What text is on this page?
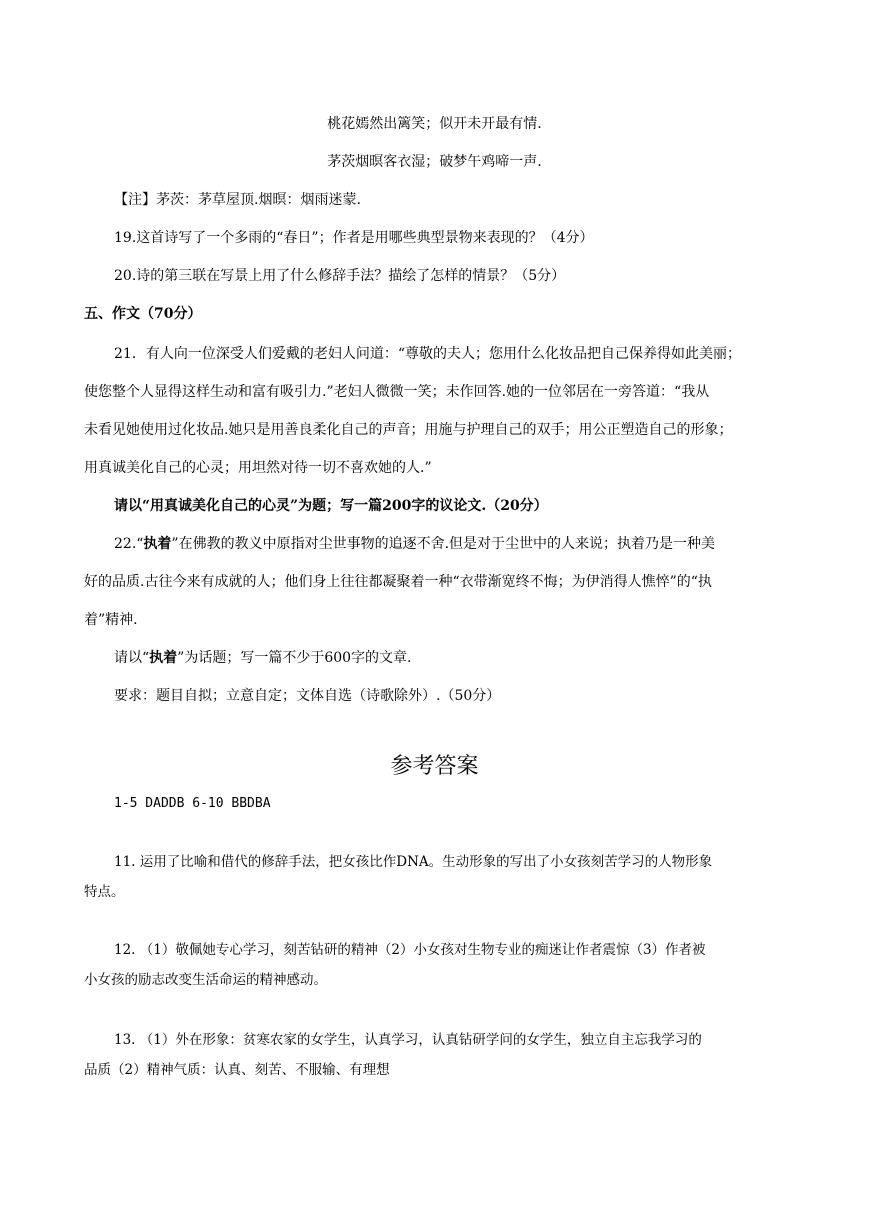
桃花嫣然出篱笑；似开未开最有情.
茅茨烟暝客衣湿；破梦午鸡啼一声.
【注】茅茨：茅草屋顶.烟暝：烟雨迷蒙.
19.这首诗写了一个多雨的“春日”；作者是用哪些典型景物来表现的？（4分）
20.诗的第三联在写景上用了什么修辞手法？描绘了怎样的情景？（5分）
五、作文（70分）
21．有人向一位深受人们爱戴的老妇人问道：“尊敬的夫人；您用什么化妆品把自己保养得如此美丽；
使您整个人显得这样生动和富有吸引力.”老妇人微微一笑；未作回答.她的一位邻居在一旁答道：“我从
未看见她使用过化妆品.她只是用善良柔化自己的声音；用施与护理自己的双手；用公正塑造自己的形象；
用真诚美化自己的心灵；用坦然对待一切不喜欢她的人.”
请以“用真诚美化自己的心灵”为题；写一篇200字的议论文.（20分）
22.“执着”在佛教的教义中原指对尘世事物的追逐不舍.但是对于尘世中的人来说；执着乃是一种美
好的品质.古往今来有成就的人；他们身上往往都凝聚着一种“衣带渐宽终不悔；为伊消得人憔悴”的“执
着”精神.
请以“执着”为话题；写一篇不少于600字的文章.
要求：题目自拟；立意自定；文体自选（诗歌除外）.（50分）
参考答案
1-5 DADDB 6-10 BBDBA
11. 运用了比喻和借代的修辞手法，把女孩比作DNA。生动形象的写出了小女孩刻苦学习的人物形象
特点。
12. （1）敬佩她专心学习，刻苦钻研的精神（2）小女孩对生物专业的痴迷让作者震惊（3）作者被
小女孩的励志改变生活命运的精神感动。
13. （1）外在形象：贫寒农家的女学生，认真学习，认真钻研学问的女学生，独立自主忘我学习的
品质（2）精神气质：认真、刻苦、不服输、有理想
